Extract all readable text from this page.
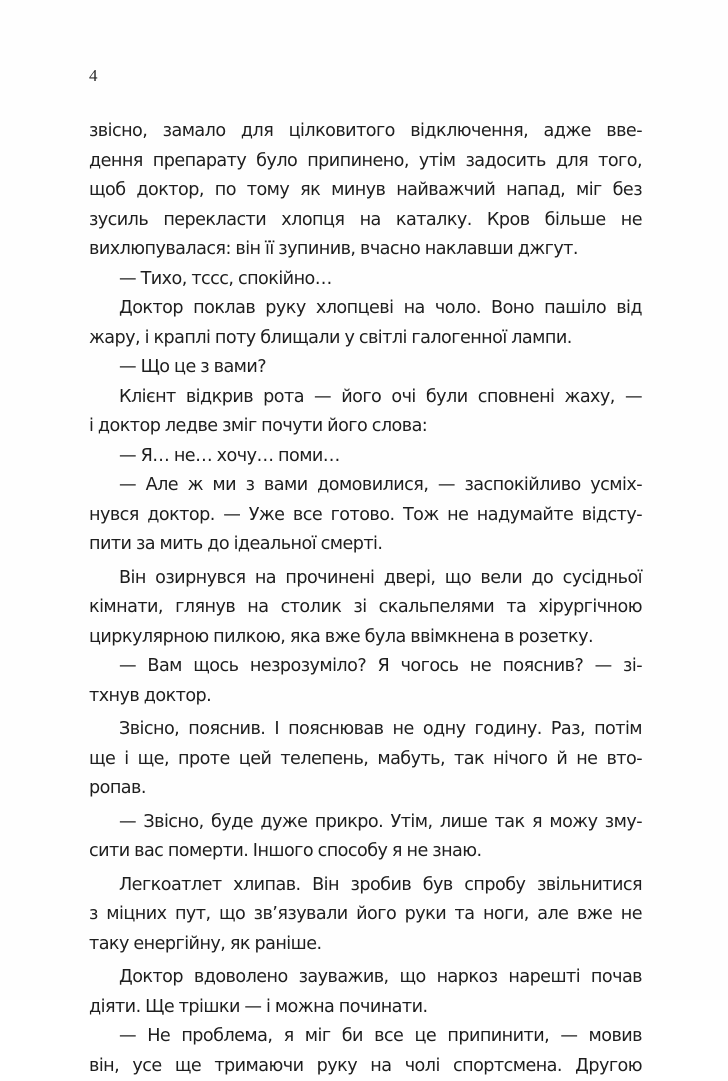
4
звісно, замало для цілковитого відключення, адже вве-
дення препарату було припинено, утім задосить для того,
щоб доктор, по тому як минув найважчий напад, міг без
зусиль перекласти хлопця на каталку. Кров більше не
вихлюпувалася: він її зупинив, вчасно наклавши джгут.
— Тихо, тссс, спокійно…
Доктор поклав руку хлопцеві на чоло. Воно пашіло від
жару, і краплі поту блищали у світлі галогенної лампи.
— Що це з вами?
Клієнт відкрив рота — його очі були сповнені жаху, —
і доктор ледве зміг почути його слова:
— Я… не… хочу… поми…
— Але ж ми з вами домовилися, — заспокійливо усміх-
нувся доктор. — Уже все готово. Тож не надумайте відсту-
пити за мить до ідеальної смерті.
Він озирнувся на прочинені двері, що вели до сусідньої
кімнати, глянув на столик зі скальпелями та хірургічною
циркулярною пилкою, яка вже була ввімкнена в розетку.
— Вам щось незрозуміло? Я чогось не пояснив? — зі-
тхнув доктор.
Звісно, пояснив. І пояснював не одну годину. Раз, потім
ще і ще, проте цей телепень, мабуть, так нічого й не вто-
ропав.
— Звісно, буде дуже прикро. Утім, лише так я можу зму-
сити вас померти. Іншого способу я не знаю.
Легкоатлет хлипав. Він зробив був спробу звільнитися
з міцних пут, що зв’язували його руки та ноги, але вже не
таку енергійну, як раніше.
Доктор вдоволено зауважив, що наркоз нарешті почав
діяти. Ще трішки — і можна починати.
— Не проблема, я міг би все це припинити, — мовив
він, усе ще тримаючи руку на чолі спортсмена. Другою
